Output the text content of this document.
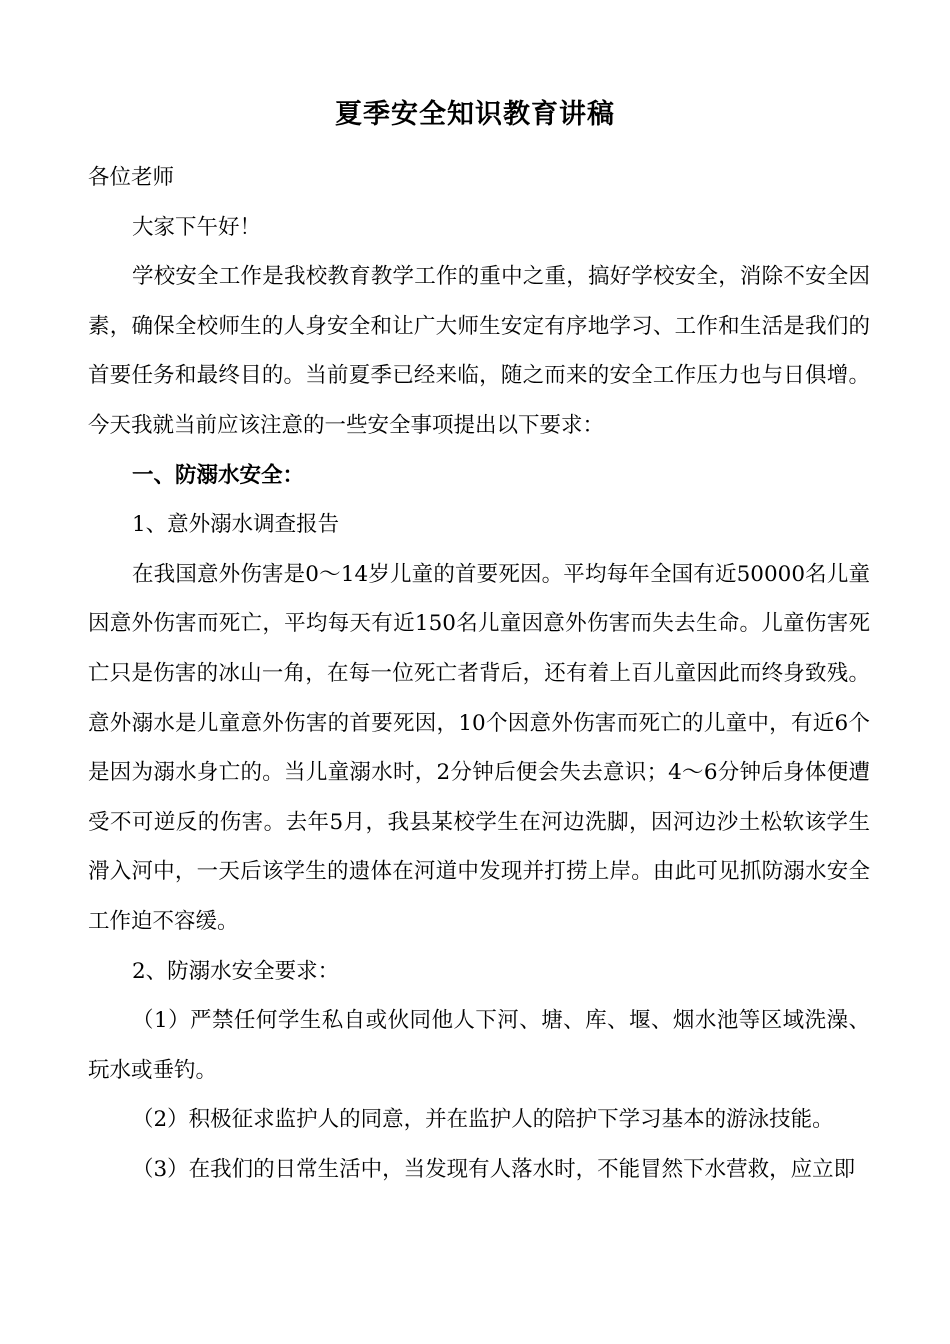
夏季安全知识教育讲稿

各位老师

大家下午好！

学校安全工作是我校教育教学工作的重中之重，搞好学校安全，消除不安全因素，确保全校师生的人身安全和让广大师生安定有序地学习、工作和生活是我们的首要任务和最终目的。当前夏季已经来临，随之而来的安全工作压力也与日俱增。今天我就当前应该注意的一些安全事项提出以下要求：

一、防溺水安全：

1、意外溺水调查报告

在我国意外伤害是0～14岁儿童的首要死因。平均每年全国有近50000名儿童因意外伤害而死亡，平均每天有近150名儿童因意外伤害而失去生命。儿童伤害死亡只是伤害的冰山一角，在每一位死亡者背后，还有着上百儿童因此而终身致残。意外溺水是儿童意外伤害的首要死因，10个因意外伤害而死亡的儿童中，有近6个是因为溺水身亡的。当儿童溺水时，2分钟后便会失去意识；4～6分钟后身体便遭受不可逆反的伤害。去年5月，我县某校学生在河边洗脚，因河边沙土松软该学生滑入河中，一天后该学生的遗体在河道中发现并打捞上岸。由此可见抓防溺水安全工作迫不容缓。

2、防溺水安全要求：

（1）严禁任何学生私自或伙同他人下河、塘、库、堰、烟水池等区域洗澡、玩水或垂钓。

（2）积极征求监护人的同意，并在监护人的陪护下学习基本的游泳技能。

（3）在我们的日常生活中，当发现有人落水时，不能冒然下水营救，应立即
